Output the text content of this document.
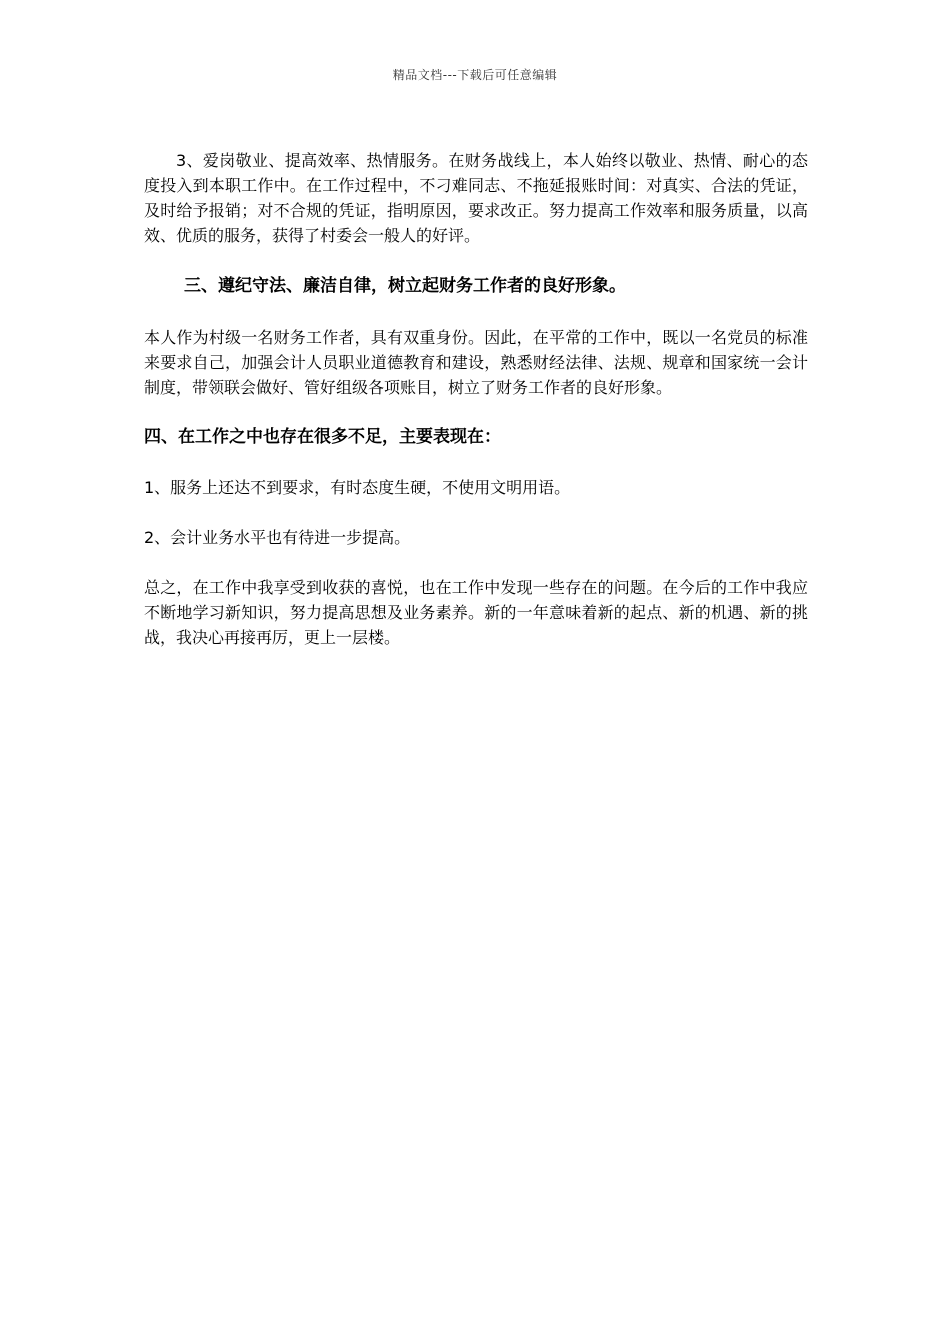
精品文档---下载后可任意编辑

3、爱岗敬业、提高效率、热情服务。在财务战线上，本人始终以敬业、热情、耐心的态度投入到本职工作中。在工作过程中，不刁难同志、不拖延报账时间：对真实、合法的凭证，及时给予报销；对不合规的凭证，指明原因，要求改正。努力提高工作效率和服务质量，以高效、优质的服务，获得了村委会一般人的好评。

三、遵纪守法、廉洁自律，树立起财务工作者的良好形象。

本人作为村级一名财务工作者，具有双重身份。因此，在平常的工作中，既以一名党员的标准来要求自己，加强会计人员职业道德教育和建设，熟悉财经法律、法规、规章和国家统一会计制度，带领联会做好、管好组级各项账目，树立了财务工作者的良好形象。

四、在工作之中也存在很多不足，主要表现在：

1、服务上还达不到要求，有时态度生硬，不使用文明用语。

2、会计业务水平也有待进一步提高。

总之，在工作中我享受到收获的喜悦，也在工作中发现一些存在的问题。在今后的工作中我应不断地学习新知识，努力提高思想及业务素养。新的一年意味着新的起点、新的机遇、新的挑战，我决心再接再厉，更上一层楼。
